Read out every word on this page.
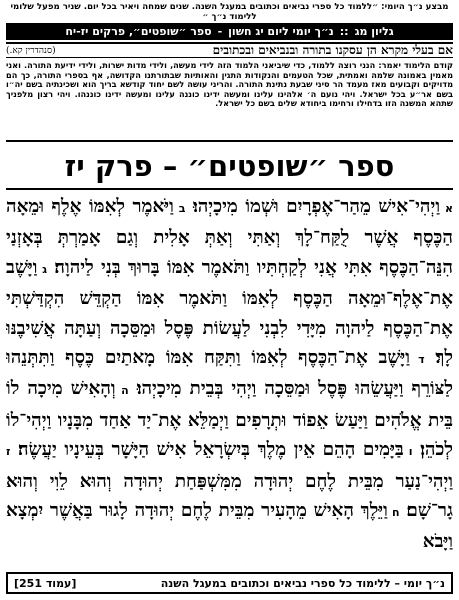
מבצע נ״ך היומי: ״ללמוד כל ספרי נביאים וכתובים במעגל השנה. שנים שמחה ויאיר בכל יום. שניר מפעל שלומי ללימוד נ״ך ״
גליון מג
::
נ״ך יומי ליום יג חשון
-
ספר ״שופטים״, פרקים יז-יח
אם בעלי מקרא הן עסקנו בתורה ובנביאים ובכתובים
(סנהדרין קא.)
קודם הלימוד יאמר: הנני רוצה ללמוד, כדי שיביאני הלמוד הזה לידי מעשה, ולידי מדות ישרות, ולידי ידיעת התורה. ואני מאמין באמונה שלמה ואמתית, שכל הטעמים והנקודות התגין והאותיות שבתורתנו הקדושה, אף בספרי התורה, כך הם מדויקים וקבועים מאז מעמד הר סיני שבעת נתינת התורה. והריני עושה לשם יחוד קודשא בריך הוא ושכינתיה בשם יה״ו בשם אר״ע בכל ישראל. ויהי נועם ה׳ אלהינו עלינו ומעשה ידינו כוננה עלינו ומעשה ידינו כוננהו. ויהי רצון מלפניך שתהא המשנה הזו בדחילו ורחימו ביחודא שלים בשם כל ישראל.
ספר ״שופטים״ – פרק יז

א וַיְהִי־אִישׁ מֵהַר־אֶפְרָיִם וּשְׁמוֹ מִיכָיְהוּ׃ ב וַיֹּאמֶר לְאִמּוֹ אֶלֶף וּמֵאָה הַכֶּסֶף אֲשֶׁר לֻקַּח־לָךְ וְאַתִּי וְאַתְּ אָלִית וְגַם אָמַרְתְּ בְּאָזְנַי הִנֵּה־הַכֶּסֶף אִתִּי אֲנִי לְקַחְתִּיו וַתֹּאמֶר אִמּוֹ בָּרוּךְ בְּנִי לַיהוָה׃ ג וַיָּשֶׁב אֶת־אֶלֶף־וּמֵאָה הַכֶּסֶף לְאִמּוֹ וַתֹּאמֶר אִמּוֹ הַקְדֵּשׁ הִקְדַּשְׁתִּי אֶת־הַכֶּסֶף לַיהוָה מִיָּדִי לִבְנִי לַעֲשׂוֹת פֶּסֶל וּמַסֵּכָה וְעַתָּה אֲשִׁיבֶנּוּ לָךְ׃ ד וַיָּשֶׁב אֶת־הַכֶּסֶף לְאִמּוֹ וַתִּקַּח אִמּוֹ מָאתַיִם כֶּסֶף וַתִּתְּנֵהוּ לַצּוֹרֵף וַיַּעֲשֵׂהוּ פֶּסֶל וּמַסֵּכָה וַיְהִי בְּבֵית מִיכָיְהוּ׃ ה וְהָאִישׁ מִיכָה לוֹ בֵּית אֱלֹהִים וַיַּעַשׂ אֵפוֹד וּתְרָפִים וַיְמַלֵּא אֶת־יַד אַחַד מִבָּנָיו וַיְהִי־לוֹ לְכֹהֵן׃ ו בַּיָּמִים הָהֵם אֵין מֶלֶךְ בְּיִשְׂרָאֵל אִישׁ הַיָּשָׁר בְּעֵינָיו יַעֲשֶׂה׃ ז וַיְהִי־נַעַר מִבֵּית לֶחֶם יְהוּדָה מִמִּשְׁפַּחַת יְהוּדָה וְהוּא לֵוִי וְהוּא גָר־שָׁם׃ ח וַיֵּלֶךְ הָאִישׁ מֵהָעִיר מִבֵּית לֶחֶם יְהוּדָה לָגוּר בַּאֲשֶׁר יִמְצָא וַיָּבֹא

נ״ך יומי – ללימוד כל ספרי נביאים וכתובים במעגל השנה
[עמוד 251]
